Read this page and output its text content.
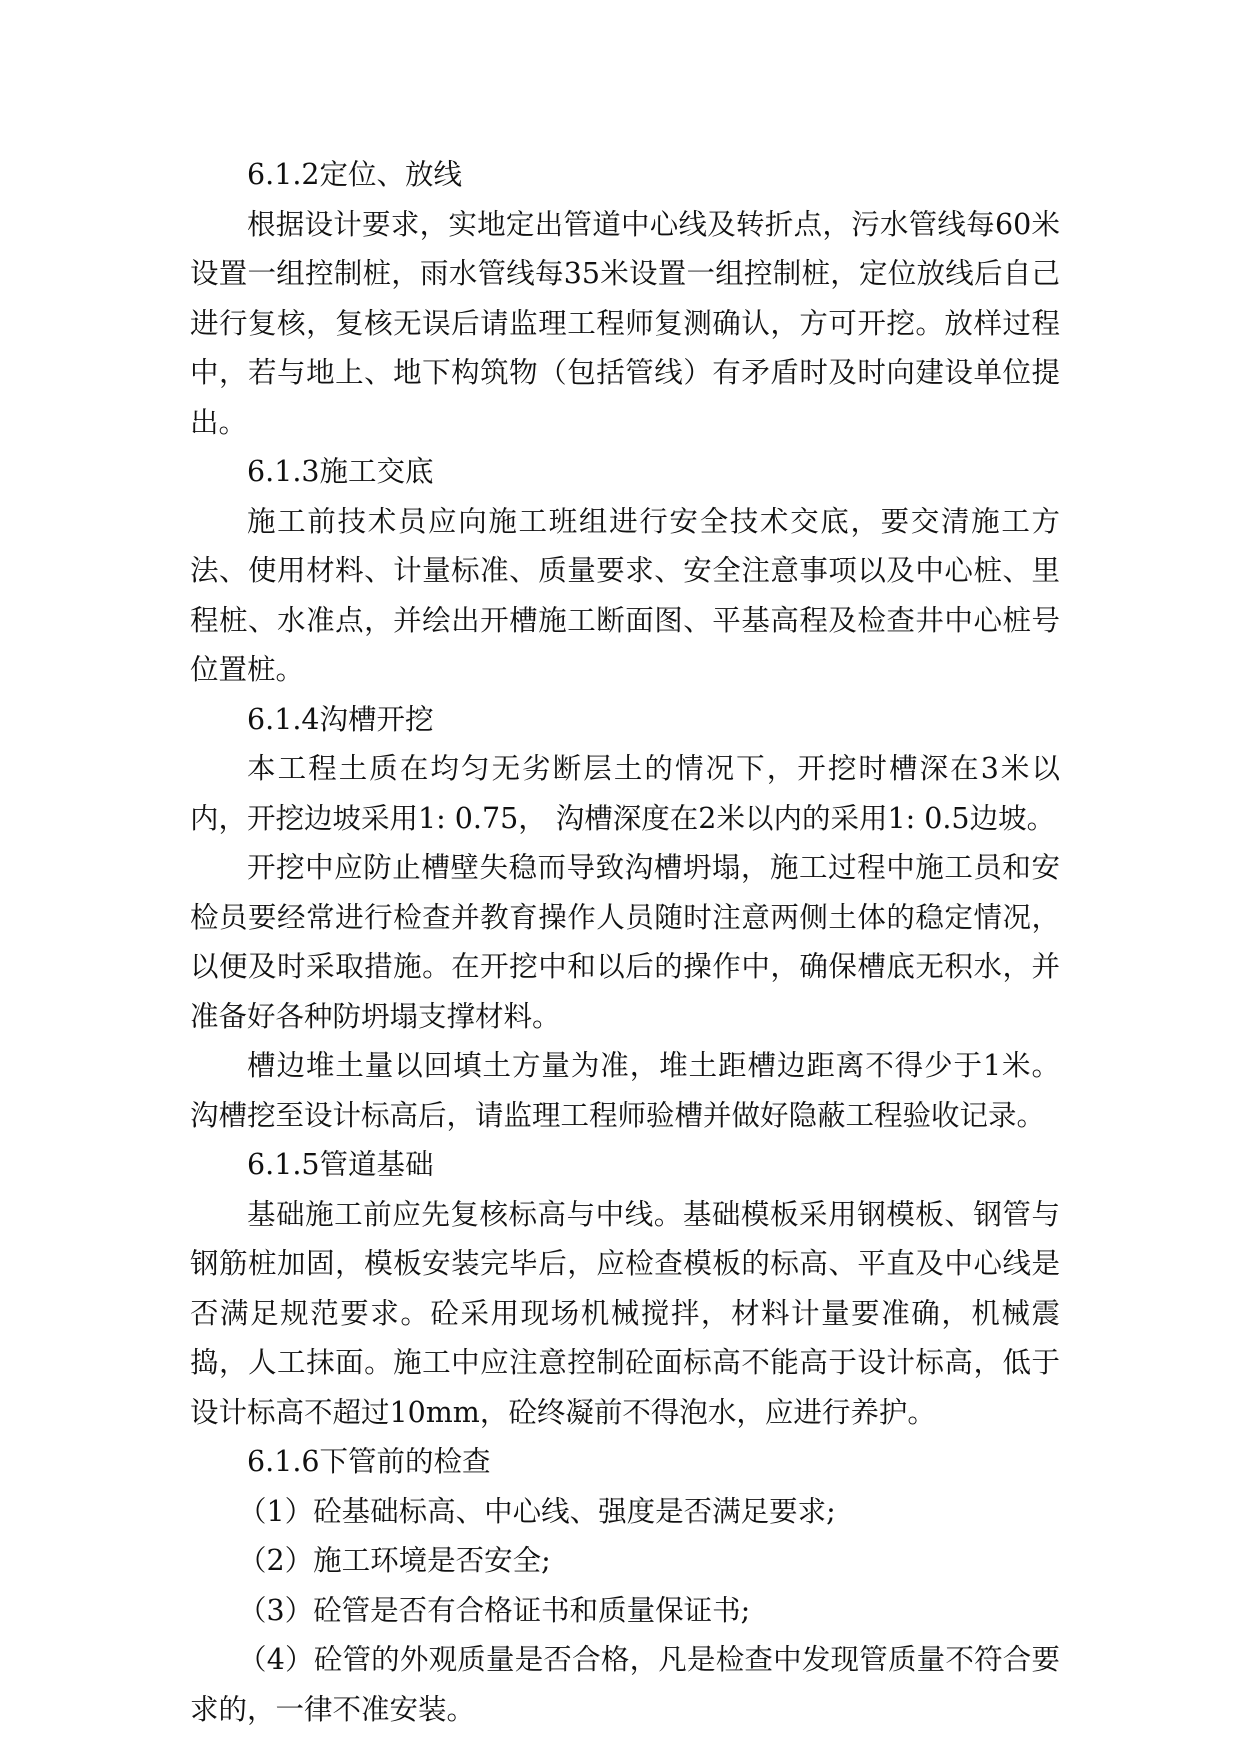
6.1.2定位、放线

根据设计要求，实地定出管道中心线及转折点，污水管线每60米设置一组控制桩，雨水管线每35米设置一组控制桩，定位放线后自己进行复核，复核无误后请监理工程师复测确认，方可开挖。放样过程中，若与地上、地下构筑物（包括管线）有矛盾时及时向建设单位提出。

6.1.3施工交底

施工前技术员应向施工班组进行安全技术交底，要交清施工方法、使用材料、计量标准、质量要求、安全注意事项以及中心桩、里程桩、水准点，并绘出开槽施工断面图、平基高程及检查井中心桩号位置桩。

6.1.4沟槽开挖

本工程土质在均匀无劣断层土的情况下，开挖时槽深在3米以内，开挖边坡采用1: 0.75， 沟槽深度在2米以内的采用1: 0.5边坡。

开挖中应防止槽壁失稳而导致沟槽坍塌，施工过程中施工员和安检员要经常进行检查并教育操作人员随时注意两侧土体的稳定情况，以便及时采取措施。在开挖中和以后的操作中，确保槽底无积水，并准备好各种防坍塌支撑材料。

槽边堆土量以回填土方量为准，堆土距槽边距离不得少于1米。沟槽挖至设计标高后，请监理工程师验槽并做好隐蔽工程验收记录。

6.1.5管道基础

基础施工前应先复核标高与中线。基础模板采用钢模板、钢管与钢筋桩加固，模板安装完毕后，应检查模板的标高、平直及中心线是否满足规范要求。砼采用现场机械搅拌，材料计量要准确，机械震捣，人工抹面。施工中应注意控制砼面标高不能高于设计标高，低于设计标高不超过10mm，砼终凝前不得泡水，应进行养护。

6.1.6下管前的检查

（1）砼基础标高、中心线、强度是否满足要求;

（2）施工环境是否安全;

（3）砼管是否有合格证书和质量保证书;

（4）砼管的外观质量是否合格，凡是检查中发现管质量不符合要求的，一律不准安装。
